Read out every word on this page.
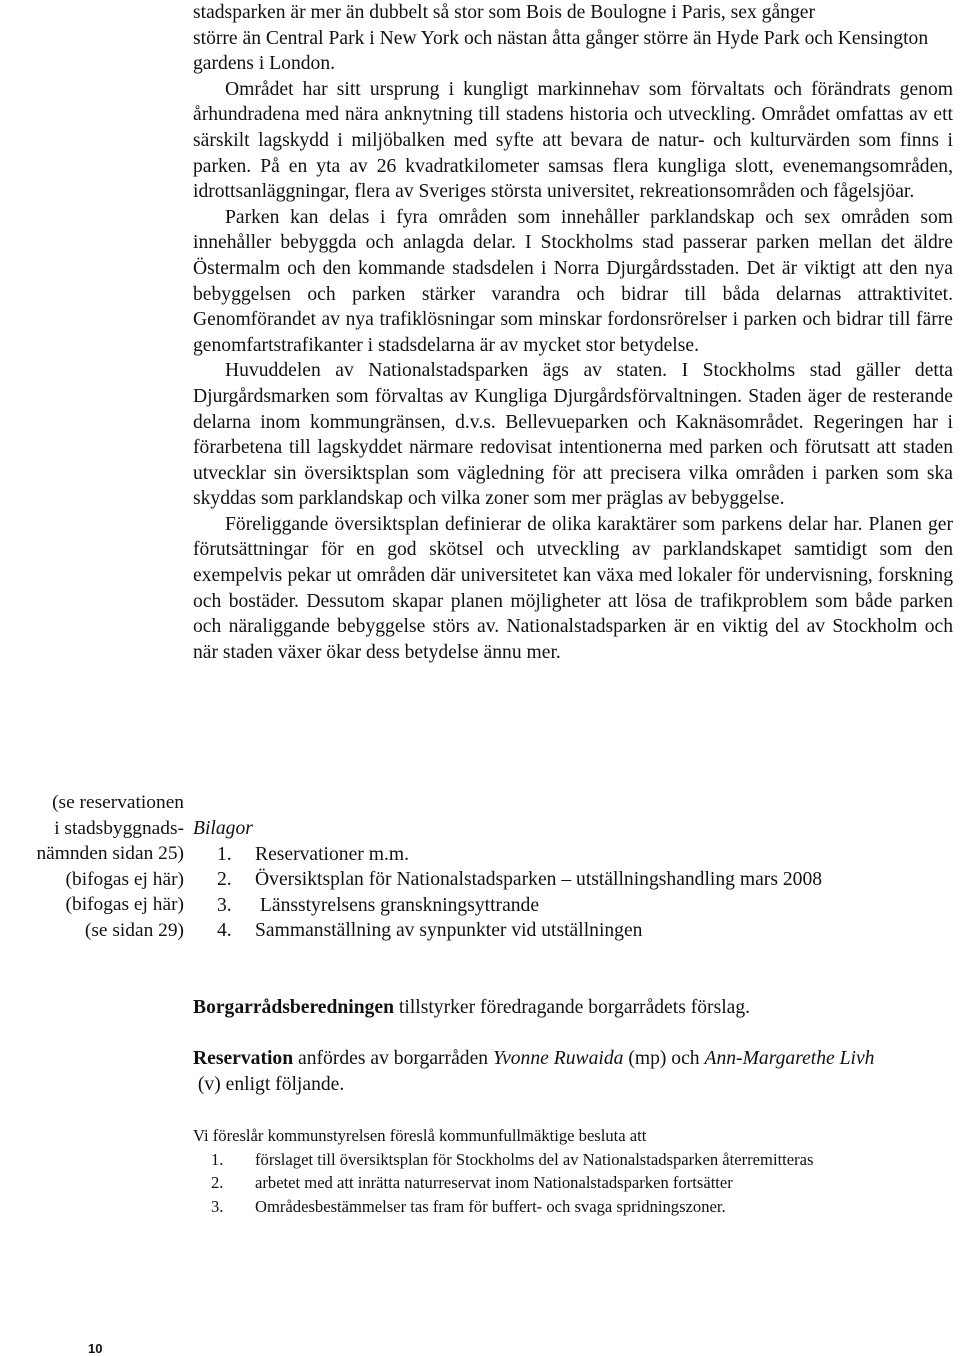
stadsparken är mer än dubbelt så stor som Bois de Boulogne i Paris, sex gånger
större än Central Park i New York och nästan åtta gånger större än Hyde Park och Kensington gardens i London.

Området har sitt ursprung i kungligt markinnehav som förvaltats och förändrats genom århundradena med nära anknytning till stadens historia och utveckling. Området omfattas av ett särskilt lagskydd i miljöbalken med syfte att bevara de natur- och kulturvärden som finns i parken. På en yta av 26 kvadratkilometer samsas flera kungliga slott, evenemangsområden, idrottsanläggningar, flera av Sveriges största universitet, rekreationsområden och fågelsjöar.

Parken kan delas i fyra områden som innehåller parklandskap och sex områden som innehåller bebyggda och anlagda delar. I Stockholms stad passerar parken mellan det äldre Östermalm och den kommande stadsdelen i Norra Djurgårdsstaden. Det är viktigt att den nya bebyggelsen och parken stärker varandra och bidrar till båda delarnas attraktivitet. Genomförandet av nya trafiklösningar som minskar fordonsrörelser i parken och bidrar till färre genomfartstrafikanter i stadsdelarna är av mycket stor betydelse.

Huvuddelen av Nationalstadsparken ägs av staten. I Stockholms stad gäller detta Djurgårdsmarken som förvaltas av Kungliga Djurgårdsförvaltningen. Staden äger de resterande delarna inom kommungränsen, d.v.s. Bellevueparken och Kaknäsområdet. Regeringen har i förarbetena till lagskyddet närmare redovisat intentionerna med parken och förutsatt att staden utvecklar sin översiktsplan som vägledning för att precisera vilka områden i parken som ska skyddas som parklandskap och vilka zoner som mer präglas av bebyggelse.

Föreliggande översiktsplan definierar de olika karaktärer som parkens delar har. Planen ger förutsättningar för en god skötsel och utveckling av parklandskapet samtidigt som den exempelvis pekar ut områden där universitetet kan växa med lokaler för undervisning, forskning och bostäder. Dessutom skapar planen möjligheter att lösa de trafikproblem som både parken och näraliggande bebyggelse störs av. Nationalstadsparken är en viktig del av Stockholm och när staden växer ökar dess betydelse ännu mer.

(se reservationen
i stadsbyggnads-
nämnden sidan 25)
(bifogas ej här)
(bifogas ej här)
(se sidan 29)
Bilagor
1.	Reservationer m.m.
2.	Översiktsplan för Nationalstadsparken – utställningshandling mars 2008
3.	Länsstyrelsens granskningsyttrande
4.	Sammanställning av synpunkter vid utställningen

Borgarrådsberedningen tillstyrker föredragande borgarrådets förslag.

Reservation anfördes av borgarråden Yvonne Ruwaida (mp) och Ann-Margarethe Livh (v) enligt följande.

Vi föreslår kommunstyrelsen föreslå kommunfullmäktige besluta att
1.	förslaget till översiktsplan för Stockholms del av Nationalstadsparken återremitteras
2.	arbetet med att inrätta naturreservat inom Nationalstadsparken fortsätter
3.	Områdesbestämmelser tas fram för buffert- och svaga spridningszoner.
10
